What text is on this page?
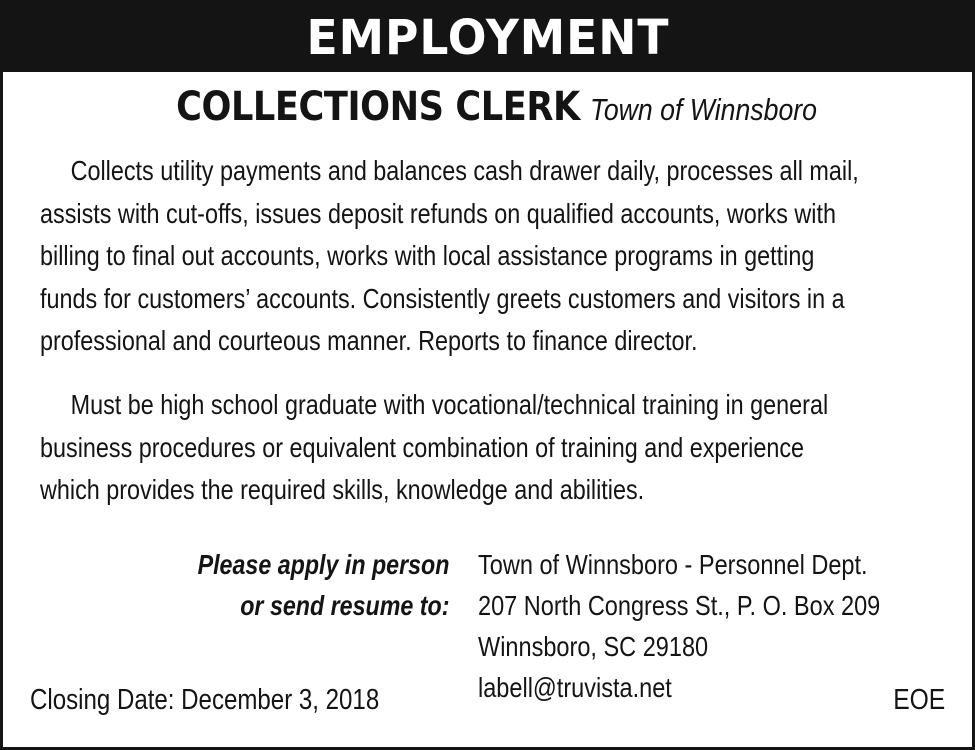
EMPLOYMENT
COLLECTIONS CLERK Town of Winnsboro

Collects utility payments and balances cash drawer daily, processes all mail,
assists with cut-offs, issues deposit refunds on qualified accounts, works with
billing to final out accounts, works with local assistance programs in getting
funds for customers’ accounts. Consistently greets customers and visitors in a
professional and courteous manner. Reports to finance director.

Must be high school graduate with vocational/technical training in general
business procedures or equivalent combination of training and experience
which provides the required skills, knowledge and abilities.

Please apply in person
or send resume to:
Town of Winnsboro - Personnel Dept.
207 North Congress St., P. O. Box 209
Winnsboro, SC 29180
labell@truvista.net
Closing Date: December 3, 2018	EOE
